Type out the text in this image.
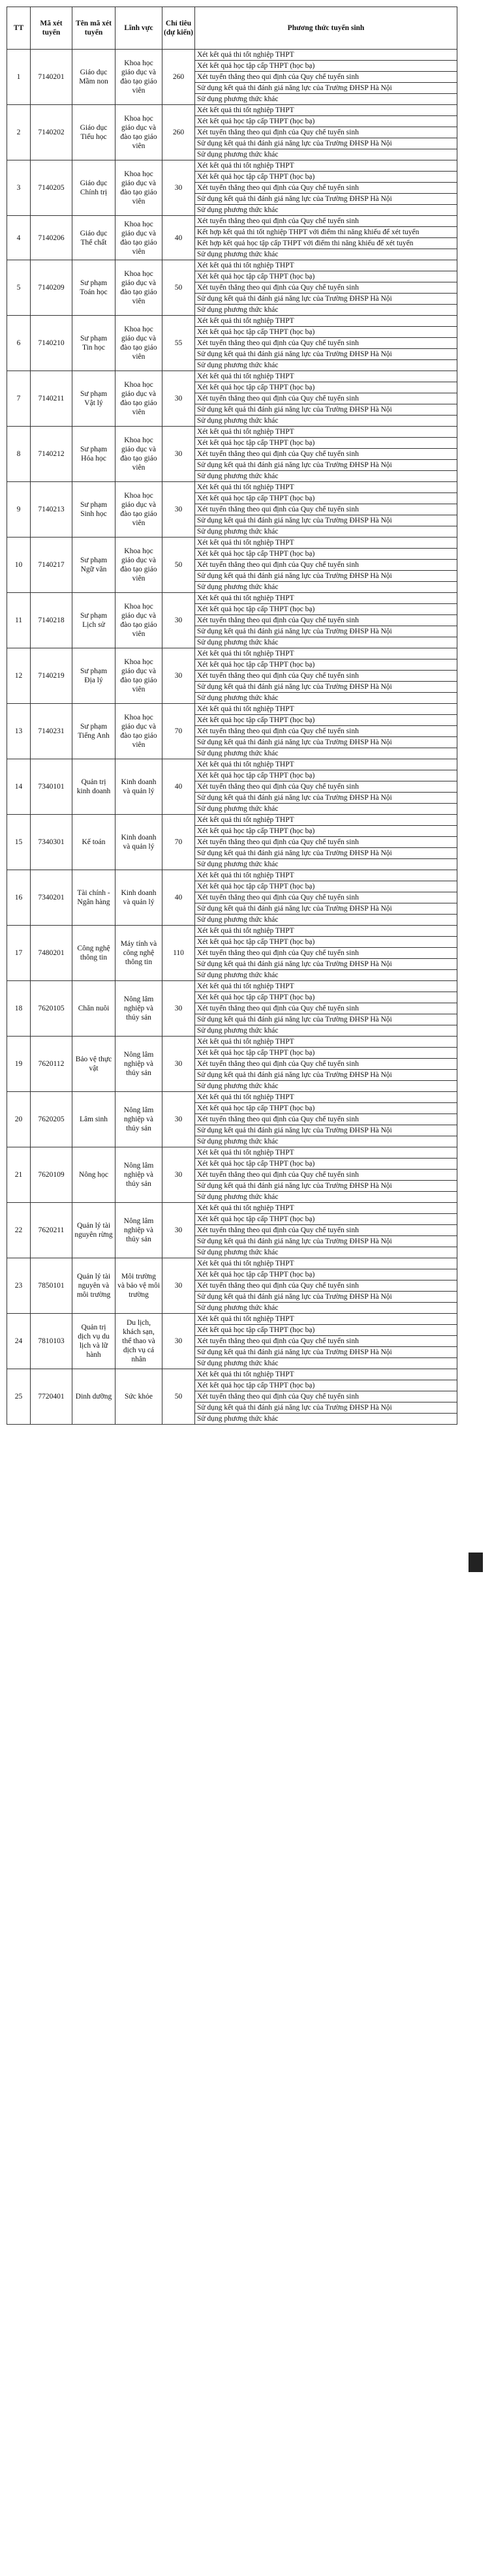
TT	Mã xét tuyển	Tên mã xét tuyển	Lĩnh vực	Chỉ tiêu (dự kiến)	Phương thức tuyển sinh
1	7140201	Giáo dục Mầm non	Khoa học giáo dục và đào tạo giáo viên	260	Xét kết quả thi tốt nghiệp THPT
					Xét kết quả học tập cấp THPT (học bạ)
					Xét tuyển thẳng theo qui định của Quy chế tuyển sinh
					Sử dụng kết quả thi đánh giá năng lực của Trường ĐHSP Hà Nội
					Sử dụng phương thức khác
2	7140202	Giáo dục Tiểu học	Khoa học giáo dục và đào tạo giáo viên	260	Xét kết quả thi tốt nghiệp THPT
					Xét kết quả học tập cấp THPT (học bạ)
					Xét tuyển thẳng theo qui định của Quy chế tuyển sinh
					Sử dụng kết quả thi đánh giá năng lực của Trường ĐHSP Hà Nội
					Sử dụng phương thức khác
3	7140205	Giáo dục Chính trị	Khoa học giáo dục và đào tạo giáo viên	30	Xét kết quả thi tốt nghiệp THPT
					Xét kết quả học tập cấp THPT (học bạ)
					Xét tuyển thẳng theo qui định của Quy chế tuyển sinh
					Sử dụng kết quả thi đánh giá năng lực của Trường ĐHSP Hà Nội
					Sử dụng phương thức khác
4	7140206	Giáo dục Thể chất	Khoa học giáo dục và đào tạo giáo viên	40	Xét tuyển thẳng theo qui định của Quy chế tuyển sinh
					Kết hợp kết quả thi tốt nghiệp THPT với điểm thi năng khiếu để xét tuyển
					Kết hợp kết quả học tập cấp THPT với điểm thi năng khiếu để xét tuyển
					Sử dụng phương thức khác
5	7140209	Sư phạm Toán học	Khoa học giáo dục và đào tạo giáo viên	50	Xét kết quả thi tốt nghiệp THPT
					Xét kết quả học tập cấp THPT (học bạ)
					Xét tuyển thẳng theo qui định của Quy chế tuyển sinh
					Sử dụng kết quả thi đánh giá năng lực của Trường ĐHSP Hà Nội
					Sử dụng phương thức khác
6	7140210	Sư phạm Tin học	Khoa học giáo dục và đào tạo giáo viên	55	Xét kết quả thi tốt nghiệp THPT
					Xét kết quả học tập cấp THPT (học bạ)
					Xét tuyển thẳng theo qui định của Quy chế tuyển sinh
					Sử dụng kết quả thi đánh giá năng lực của Trường ĐHSP Hà Nội
					Sử dụng phương thức khác
7	7140211	Sư phạm Vật lý	Khoa học giáo dục và đào tạo giáo viên	30	Xét kết quả thi tốt nghiệp THPT
					Xét kết quả học tập cấp THPT (học bạ)
					Xét tuyển thẳng theo qui định của Quy chế tuyển sinh
					Sử dụng kết quả thi đánh giá năng lực của Trường ĐHSP Hà Nội
					Sử dụng phương thức khác
8	7140212	Sư phạm Hóa học	Khoa học giáo dục và đào tạo giáo viên	30	Xét kết quả thi tốt nghiệp THPT
					Xét kết quả học tập cấp THPT (học bạ)
					Xét tuyển thẳng theo qui định của Quy chế tuyển sinh
					Sử dụng kết quả thi đánh giá năng lực của Trường ĐHSP Hà Nội
					Sử dụng phương thức khác
9	7140213	Sư phạm Sinh học	Khoa học giáo dục và đào tạo giáo viên	30	Xét kết quả thi tốt nghiệp THPT
					Xét kết quả học tập cấp THPT (học bạ)
					Xét tuyển thẳng theo qui định của Quy chế tuyển sinh
					Sử dụng kết quả thi đánh giá năng lực của Trường ĐHSP Hà Nội
					Sử dụng phương thức khác
10	7140217	Sư phạm Ngữ văn	Khoa học giáo dục và đào tạo giáo viên	50	Xét kết quả thi tốt nghiệp THPT
					Xét kết quả học tập cấp THPT (học bạ)
					Xét tuyển thẳng theo qui định của Quy chế tuyển sinh
					Sử dụng kết quả thi đánh giá năng lực của Trường ĐHSP Hà Nội
					Sử dụng phương thức khác
11	7140218	Sư phạm Lịch sử	Khoa học giáo dục và đào tạo giáo viên	30	Xét kết quả thi tốt nghiệp THPT
					Xét kết quả học tập cấp THPT (học bạ)
					Xét tuyển thẳng theo qui định của Quy chế tuyển sinh
					Sử dụng kết quả thi đánh giá năng lực của Trường ĐHSP Hà Nội
					Sử dụng phương thức khác
12	7140219	Sư phạm Địa lý	Khoa học giáo dục và đào tạo giáo viên	30	Xét kết quả thi tốt nghiệp THPT
					Xét kết quả học tập cấp THPT (học bạ)
					Xét tuyển thẳng theo qui định của Quy chế tuyển sinh
					Sử dụng kết quả thi đánh giá năng lực của Trường ĐHSP Hà Nội
					Sử dụng phương thức khác
13	7140231	Sư phạm Tiếng Anh	Khoa học giáo dục và đào tạo giáo viên	70	Xét kết quả thi tốt nghiệp THPT
					Xét kết quả học tập cấp THPT (học bạ)
					Xét tuyển thẳng theo qui định của Quy chế tuyển sinh
					Sử dụng kết quả thi đánh giá năng lực của Trường ĐHSP Hà Nội
					Sử dụng phương thức khác
14	7340101	Quản trị kinh doanh	Kinh doanh và quản lý	40	Xét kết quả thi tốt nghiệp THPT
					Xét kết quả học tập cấp THPT (học bạ)
					Xét tuyển thẳng theo qui định của Quy chế tuyển sinh
					Sử dụng kết quả thi đánh giá năng lực của Trường ĐHSP Hà Nội
					Sử dụng phương thức khác
15	7340301	Kế toán	Kinh doanh và quản lý	70	Xét kết quả thi tốt nghiệp THPT
					Xét kết quả học tập cấp THPT (học bạ)
					Xét tuyển thẳng theo qui định của Quy chế tuyển sinh
					Sử dụng kết quả thi đánh giá năng lực của Trường ĐHSP Hà Nội
					Sử dụng phương thức khác
16	7340201	Tài chính - Ngân hàng	Kinh doanh và quản lý	40	Xét kết quả thi tốt nghiệp THPT
					Xét kết quả học tập cấp THPT (học bạ)
					Xét tuyển thẳng theo qui định của Quy chế tuyển sinh
					Sử dụng kết quả thi đánh giá năng lực của Trường ĐHSP Hà Nội
					Sử dụng phương thức khác
17	7480201	Công nghệ thông tin	Máy tính và công nghệ thông tin	110	Xét kết quả thi tốt nghiệp THPT
					Xét kết quả học tập cấp THPT (học bạ)
					Xét tuyển thẳng theo qui định của Quy chế tuyển sinh
					Sử dụng kết quả thi đánh giá năng lực của Trường ĐHSP Hà Nội
					Sử dụng phương thức khác
18	7620105	Chăn nuôi	Nông lâm nghiệp và thủy sản	30	Xét kết quả thi tốt nghiệp THPT
					Xét kết quả học tập cấp THPT (học bạ)
					Xét tuyển thẳng theo qui định của Quy chế tuyển sinh
					Sử dụng kết quả thi đánh giá năng lực của Trường ĐHSP Hà Nội
					Sử dụng phương thức khác
19	7620112	Bảo vệ thực vật	Nông lâm nghiệp và thủy sản	30	Xét kết quả thi tốt nghiệp THPT
					Xét kết quả học tập cấp THPT (học bạ)
					Xét tuyển thẳng theo qui định của Quy chế tuyển sinh
					Sử dụng kết quả thi đánh giá năng lực của Trường ĐHSP Hà Nội
					Sử dụng phương thức khác
20	7620205	Lâm sinh	Nông lâm nghiệp và thủy sản	30	Xét kết quả thi tốt nghiệp THPT
					Xét kết quả học tập cấp THPT (học bạ)
					Xét tuyển thẳng theo qui định của Quy chế tuyển sinh
					Sử dụng kết quả thi đánh giá năng lực của Trường ĐHSP Hà Nội
					Sử dụng phương thức khác
21	7620109	Nông học	Nông lâm nghiệp và thủy sản	30	Xét kết quả thi tốt nghiệp THPT
					Xét kết quả học tập cấp THPT (học bạ)
					Xét tuyển thẳng theo qui định của Quy chế tuyển sinh
					Sử dụng kết quả thi đánh giá năng lực của Trường ĐHSP Hà Nội
					Sử dụng phương thức khác
22	7620211	Quản lý tài nguyên rừng	Nông lâm nghiệp và thủy sản	30	Xét kết quả thi tốt nghiệp THPT
					Xét kết quả học tập cấp THPT (học bạ)
					Xét tuyển thẳng theo qui định của Quy chế tuyển sinh
					Sử dụng kết quả thi đánh giá năng lực của Trường ĐHSP Hà Nội
					Sử dụng phương thức khác
23	7850101	Quản lý tài nguyên và môi trường	Môi trường và bảo vệ môi trường	30	Xét kết quả thi tốt nghiệp THPT
					Xét kết quả học tập cấp THPT (học bạ)
					Xét tuyển thẳng theo qui định của Quy chế tuyển sinh
					Sử dụng kết quả thi đánh giá năng lực của Trường ĐHSP Hà Nội
					Sử dụng phương thức khác
24	7810103	Quản trị dịch vụ du lịch và lữ hành	Du lịch, khách sạn, thể thao và dịch vụ cá nhân	30	Xét kết quả thi tốt nghiệp THPT
					Xét kết quả học tập cấp THPT (học bạ)
					Xét tuyển thẳng theo qui định của Quy chế tuyển sinh
					Sử dụng kết quả thi đánh giá năng lực của Trường ĐHSP Hà Nội
					Sử dụng phương thức khác
25	7720401	Dinh dưỡng	Sức khỏe	50	Xét kết quả thi tốt nghiệp THPT
					Xét kết quả học tập cấp THPT (học bạ)
					Xét tuyển thẳng theo qui định của Quy chế tuyển sinh
					Sử dụng kết quả thi đánh giá năng lực của Trường ĐHSP Hà Nội
					Sử dụng phương thức khác
